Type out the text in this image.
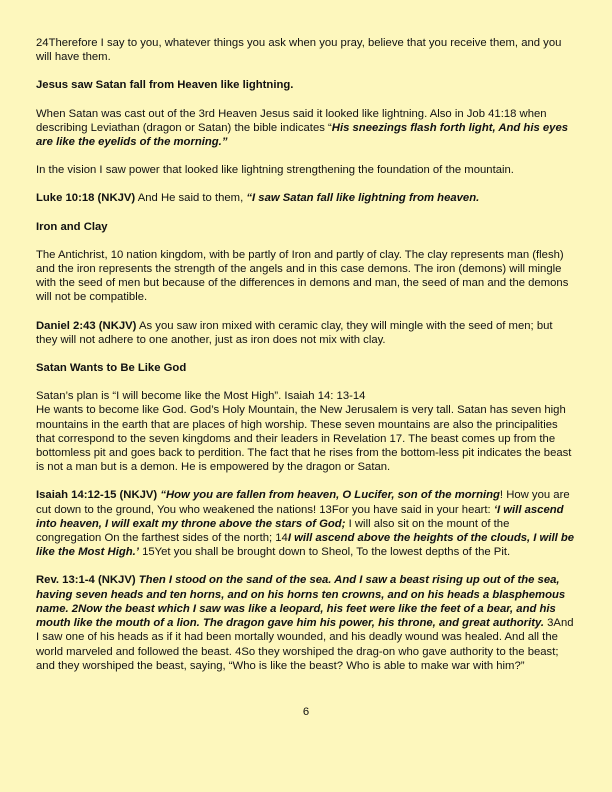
24Therefore I say to you, whatever things you ask when you pray, believe that you receive them, and you will have them.

Jesus saw Satan fall from Heaven like lightning.

When Satan was cast out of the 3rd Heaven Jesus said it looked like lightning. Also in Job 41:18 when describing Leviathan (dragon or Satan) the bible indicates “His sneezings flash forth light, And his eyes are like the eyelids of the morning.”

In the vision I saw power that looked like lightning strengthening the foundation of the mountain.

Luke 10:18 (NKJV) And He said to them, “I saw Satan fall like lightning from heaven.

Iron and Clay

The Antichrist, 10 nation kingdom, with be partly of Iron and partly of clay. The clay represents man (flesh) and the iron represents the strength of the angels and in this case demons. The iron (demons) will mingle with the seed of men but because of the differences in demons and man, the seed of man and the demons will not be compatible.

Daniel 2:43 (NKJV) As you saw iron mixed with ceramic clay, they will mingle with the seed of men; but they will not adhere to one another, just as iron does not mix with clay.

Satan Wants to Be Like God

Satan’s plan is “I will become like the Most High”. Isaiah 14: 13-14
He wants to become like God. God’s Holy Mountain, the New Jerusalem is very tall. Satan has seven high mountains in the earth that are places of high worship. These seven mountains are also the principalities that correspond to the seven kingdoms and their leaders in Revelation 17. The beast comes up from the bottomless pit and goes back to perdition. The fact that he rises from the bottom-less pit indicates the beast is not a man but is a demon. He is empowered by the dragon or Satan.

Isaiah 14:12-15 (NKJV) “How you are fallen from heaven, O Lucifer, son of the morning! How you are cut down to the ground, You who weakened the nations! 13For you have said in your heart: ‘I will ascend into heaven, I will exalt my throne above the stars of God; I will also sit on the mount of the congregation On the farthest sides of the north; 14I will ascend above the heights of the clouds, I will be like the Most High.’ 15Yet you shall be brought down to Sheol, To the lowest depths of the Pit.

Rev. 13:1-4 (NKJV) Then I stood on the sand of the sea. And I saw a beast rising up out of the sea, having seven heads and ten horns, and on his horns ten crowns, and on his heads a blasphemous name. 2Now the beast which I saw was like a leopard, his feet were like the feet of a bear, and his mouth like the mouth of a lion. The dragon gave him his power, his throne, and great authority. 3And I saw one of his heads as if it had been mortally wounded, and his deadly wound was healed. And all the world marveled and followed the beast. 4So they worshiped the drag-on who gave authority to the beast; and they worshiped the beast, saying, “Who is like the beast? Who is able to make war with him?”

6
